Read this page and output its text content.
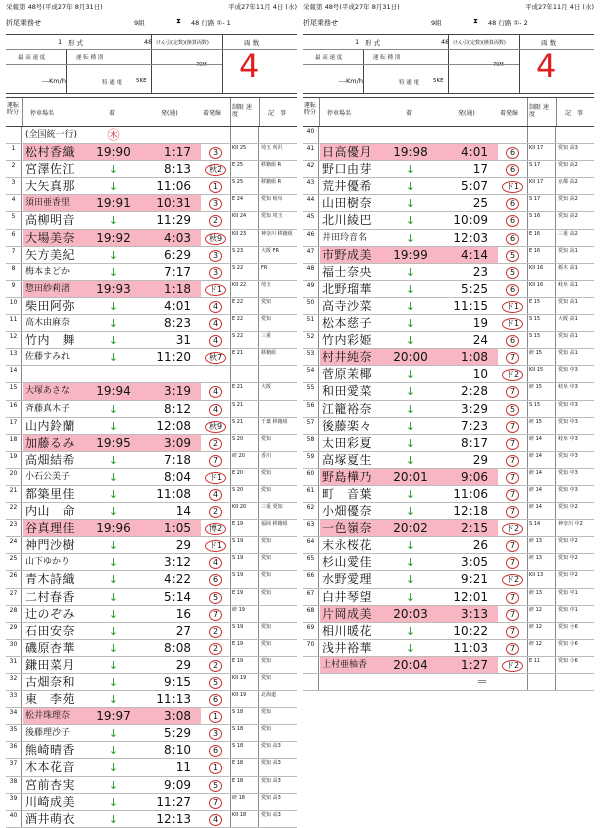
栄報第 48号(平成27年 8月31日)	平成27年11月 4日 (水)
折尾乗務せ	9組	⧗ 48 行路 ①- 1
1 形 式	48 けん引(定数)(換算両数)	両 数
最 高 速 度	運 転 種 別
70M
---Km/h	特 通 電	5KE	4
運転 時分	停車場名	着	発(通)	着発線
制限 速度	記　事
(全国統一行)	㊍
1 松村香織	19:90	1:17	3	KII 25	埼玉 所沢
2 宮澤佐江	↓	8:13	秋2	E 25	移籍組 R
3 大矢真那	↓	11:06	1	S 25	移籍組 R
4	須田亜香里	19:91	10:31	3	E 24	愛知 岐阜
5 高柳明音	↓	11:29	2	KII 24	愛知 埼玉
6 大場美奈	19:92	4:03	秋9	KII 23	神奈川 移籍組
7 矢方美紀	↓	6:29	3	S 23	大阪 FR
8	梅本まどか	↓	7:17	3	S 22	FR
9	惣田紗莉渚	19:93	1:18	ド1	KII 22	埼玉
10 柴田阿弥	↓	4:01	4	E 22	愛知
11 高木由麻奈	↓	8:23	4	E 22	愛知
12 竹内　舞	↓	31	4	S 22	三重
13 佐藤すみれ	↓	11:20	秋7	E 21	移籍組
14
15 大塚あさな	19:94	3:19	4	E 21	大阪
16 斉藤真木子	↓	8:12	4	S 21
17 山内鈴蘭	↓	12:08	秋9	S 21	千葉 移籍組
18 加藤るみ	19:95	3:09	2	S 20	愛知
19 高畑結希	↓	7:18	7	研 20	香川
20 小石公美子	↓	8:04	ド1	E 20	愛知
21 都築里佳	↓	11:08	4	S 20	愛知
22 内山　命	↓	14	2	KII 20	三重 愛知
23 谷真理佳	19:96	1:05	博2	E 19	福岡 移籍組
24 神門沙樹	↓	29	ド1	S 19	愛知
25 山下ゆかり	↓	3:12	4	S 19	愛知
26 青木詩織	↓	4:22	6	S 19	愛知
27 二村春香	↓	5:14	5	E 19	愛知
28 辻のぞみ	↓	16	7	研 19
29 石田安奈	↓	27	2	S 19	愛知
30 磯原杏華	↓	8:08	2	E 19	愛知
31 鎌田菜月	↓	29	2	E 19	愛知
32 古畑奈和	↓	9:15	5	KII 19	愛知
33 東　李苑	↓	11:13	6	KII 19	北海道
34 松井珠理奈	19:97	3:08	1	S 18	愛知
35 後藤理沙子	↓	5:29	3	S 18	愛知
36 熊崎晴香	↓	8:10	6	S 18	愛知 高3
37 木本花音	↓	11	1	E 18	愛知 高3
38 宮前杏実	↓	9:09	5	E 18	愛知 高3
39 川崎成美	↓	11:27	7	研 18	愛知 高3
40 酒井萌衣	↓	12:13	4	KII 18	愛知 高3
栄報第 48号(平成27年 8月31日)	平成27年11月 4日 (水)
折尾乗務せ	9組	⧗ 48 行路 ①- 2
1 形 式	48 けん引(定数)(換算両数)	両 数
最 高 速 度	運 転 種 別
70M
---Km/h	特 通 電	5KE	4
運転 時分	停車場名	着	発(通)	着発線
制限 速度	記　事
40
41 日高優月	19:98	4:01	6	KII 17	愛知 高3
42 野口由芽	↓	17	6	S 17	愛知 高2
43 荒井優希	↓	5:07	ド1	KII 17	京都 高2
44 山田樹奈	↓	25	6	S 17	愛知 高2
45 北川綾巴	↓	10:09	6	S 16	愛知 高2
46 井田玲音名	↓	12:03	6	E 16	三重 高2
47 市野成美	19:99	4:14	5	E 16	愛知 高1
48 福士奈央	↓	23	5	KII 16	栃木 高1
49 北野瑠華	↓	5:25	6	KII 16	岐阜 高1
50 高寺沙菜	↓	11:15	ド1	E 15	愛知 高1
51 松本慈子	↓	19	ド1	S 15	大阪 高1
52 竹内彩姫	↓	24	6	S 15	愛知 高1
53 村井純奈	20:00	1:08	7	研 15	愛知 高1
54 菅原茉椰	↓	10	ド2	KII 15	愛知 中3
55 和田愛菜	↓	2:28	7	研 15	岐阜 中3
56 江籠裕奈	↓	3:29	5	S 15	愛知 中3
57 後藤楽々	↓	7:23	7	研 15	愛知 中3
58 太田彩夏	↓	8:17	7	研 14	岐阜 中3
59 高塚夏生	↓	29	7	研 14	愛知 中3
60 野島樺乃	20:01	9:06	7	研 14	愛知 中3
61 町　音葉	↓	11:06	7	研 14	愛知 中3
62 小畑優奈	↓	12:18	7	研 14	愛知 中2
63 一色嶺奈	20:02	2:15	ド2	S 14	神奈川 中2
64 末永桜花	↓	26	7	研 13	愛知 中2
65 杉山愛佳	↓	3:05	7	研 13	愛知 中2
66 水野愛理	↓	9:21	ド2	KII 13	愛知 中2
67 白井琴望	↓	12:01	7	研 13	愛知 中1
68 片岡成美	20:03	3:13	7	研 12	愛知 中1
69 相川暖花	↓	10:22	7	研 12	愛知 小6
70 浅井裕華	↓	11:03	7	研 12	愛知 小6
上村亜柚香	20:04	1:27	ド2	E 11	愛知 小6
＝
